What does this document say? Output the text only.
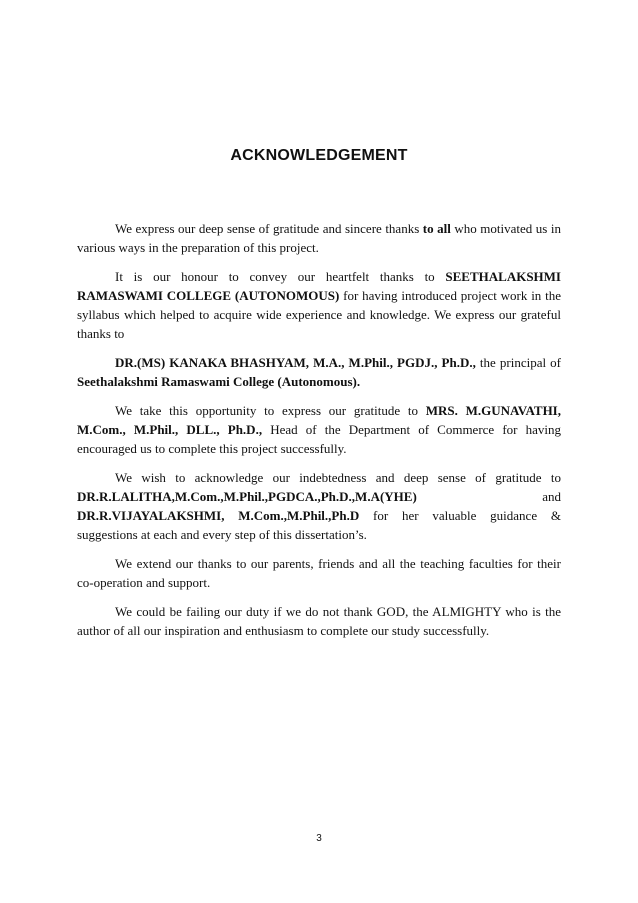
ACKNOWLEDGEMENT

We express our deep sense of gratitude and sincere thanks to all who motivated us in various ways in the preparation of this project.

It is our honour to convey our heartfelt thanks to SEETHALAKSHMI RAMASWAMI COLLEGE (AUTONOMOUS) for having introduced project work in the syllabus which helped to acquire wide experience and knowledge. We express our grateful thanks to

DR.(MS) KANAKA BHASHYAM, M.A., M.Phil., PGDJ., Ph.D., the principal of Seethalakshmi Ramaswami College (Autonomous).

We take this opportunity to express our gratitude to MRS. M.GUNAVATHI, M.Com., M.Phil., DLL., Ph.D., Head of the Department of Commerce for having encouraged us to complete this project successfully.

We wish to acknowledge our indebtedness and deep sense of gratitude to DR.R.LALITHA,M.Com.,M.Phil.,PGDCA.,Ph.D.,M.A(YHE) and DR.R.VIJAYALAKSHMI, M.Com.,M.Phil.,Ph.D for her valuable guidance & suggestions at each and every step of this dissertation’s.

We extend our thanks to our parents, friends and all the teaching faculties for their co-operation and support.

We could be failing our duty if we do not thank GOD, the ALMIGHTY who is the author of all our inspiration and enthusiasm to complete our study successfully.

3
